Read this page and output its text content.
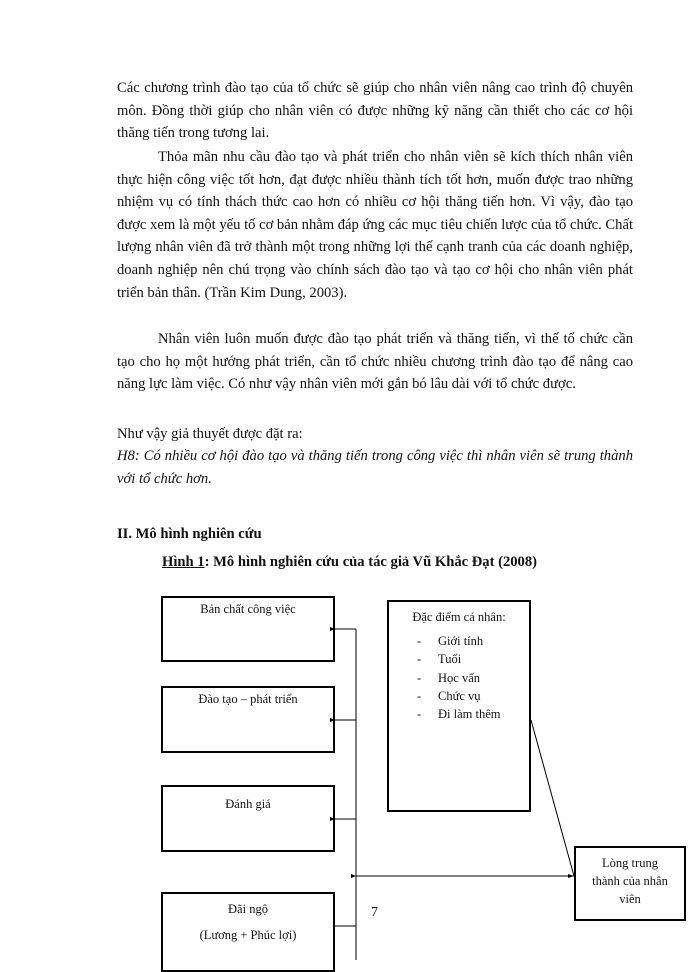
Các chương trình đào tạo của tổ chức sẽ giúp cho nhân viên nâng cao trình độ chuyên môn. Đồng thời giúp cho nhân viên có được những kỹ năng cần thiết cho các cơ hội thăng tiến trong tương lai.

Thỏa mãn nhu cầu đào tạo và phát triển cho nhân viên sẽ kích thích nhân viên thực hiện công việc tốt hơn, đạt được nhiều thành tích tốt hơn, muốn được trao những nhiệm vụ có tính thách thức cao hơn có nhiều cơ hội thăng tiến hơn. Vì vậy, đào tạo được xem là một yếu tố cơ bản nhằm đáp ứng các mục tiêu chiến lược của tổ chức. Chất lượng nhân viên đã trở thành một trong những lợi thế cạnh tranh của các doanh nghiệp, doanh nghiệp nên chú trọng vào chính sách đào tạo và tạo cơ hội cho nhân viên phát triển bản thân. (Trần Kim Dung, 2003).

Nhân viên luôn muốn được đào tạo phát triển và thăng tiến, vì thế tổ chức cần tạo cho họ một hướng phát triển, cần tổ chức nhiều chương trình đào tạo để nâng cao năng lực làm việc. Có như vậy nhân viên mới gắn bó lâu dài với tổ chức được.

Như vậy giả thuyết được đặt ra:

H8: Có nhiều cơ hội đào tạo và thăng tiến trong công việc thì nhân viên sẽ trung thành với tổ chức hơn.

II. Mô hình nghiên cứu

Hình 1: Mô hình nghiên cứu của tác giả Vũ Khắc Đạt (2008)

Bản chất công việc
Đào tạo – phát triển
Đánh giá
Đãi ngộ
(Lương + Phúc lợi)
Đặc điểm cá nhân:
- Giới tính
- Tuổi
- Học vấn
- Chức vụ
- Đi làm thêm
Lòng trung thành của nhân viên

7
